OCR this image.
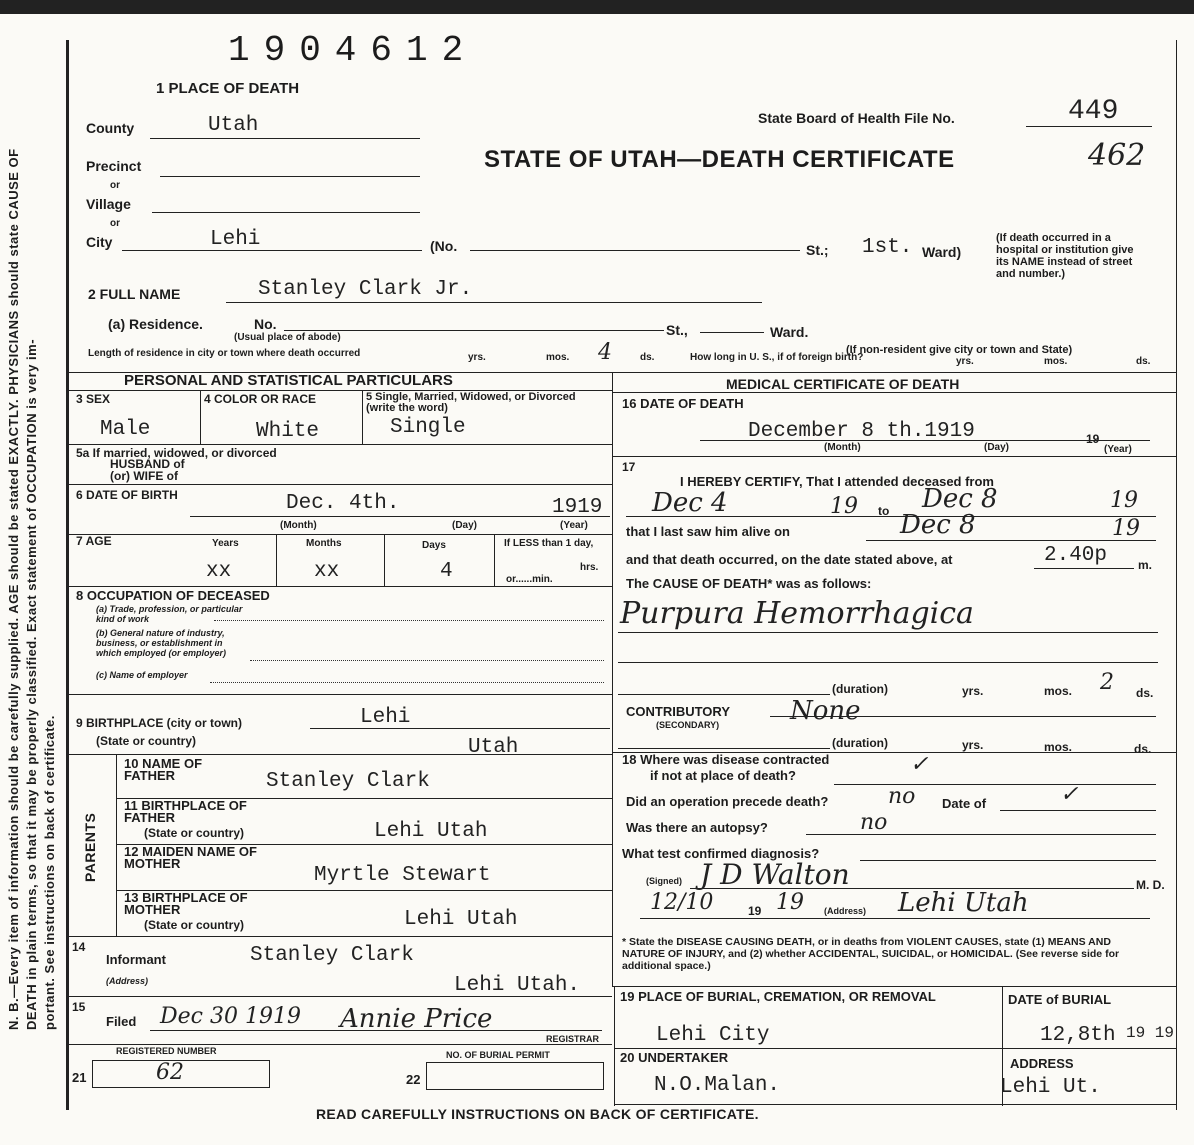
N. B.—Every item of information should be carefully supplied. AGE should be stated EXACTLY. PHYSICIANS should state CAUSE OF DEATH in plain terms, so that it may be properly classified. Exact statement of OCCUPATION is very im- portant. See instructions on back of certificate.
1904612
1 PLACE OF DEATH
County	Utah
Precinct
or
Village
or
City	Lehi	(No.	St.; 1st. Ward)
(If death occurred in a hospital or institution give its NAME instead of street and number.)
State Board of Health File No.	449
462
STATE OF UTAH—DEATH CERTIFICATE
2 FULL NAME	Stanley Clark Jr.
(a) Residence.	No.	St.,	Ward.
(Usual place of abode)
(If non-resident give city or town and State)
Length of residence in city or town where death occurred	yrs.	mos. 4	ds.	How long in U. S., if of foreign birth?	yrs.	mos.	ds.
PERSONAL AND STATISTICAL PARTICULARS
3 SEX	4 COLOR OR RACE	5 Single, Married, Widowed, or Divorced (write the word)
Male	White	Single
5a If married, widowed, or divorced
HUSBAND of
(or) WIFE of
6 DATE OF BIRTH	Dec. 4th.	1919
(Month)	(Day)	(Year)
7 AGE	Years	Months	Days	If LESS than 1 day,
hrs.
or......min.
xx	xx	4
8 OCCUPATION OF DECEASED
(a) Trade, profession, or particular kind of work
(b) General nature of industry, business, or establishment in which employed (or employer)
(c) Name of employer
9 BIRTHPLACE (city or town)	Lehi
(State or country)	Utah
PARENTS
10 NAME OF FATHER	Stanley Clark
11 BIRTHPLACE OF FATHER
(State or country)	Lehi Utah
12 MAIDEN NAME OF MOTHER
Myrtle Stewart
13 BIRTHPLACE OF MOTHER
(State or country)	Lehi Utah
14
Informant	Stanley Clark
(Address)	Lehi Utah.
15
Filed Dec 30 1919 Annie Price
REGISTRAR
REGISTERED NUMBER	NO. OF BURIAL PERMIT
21	62	22
MEDICAL CERTIFICATE OF DEATH
16 DATE OF DEATH
December 8 th.1919	19
(Month)	(Day)	(Year)
17
I HEREBY CERTIFY, That I attended deceased from
Dec 4	19 to Dec 8	19
that I last saw him alive on	Dec 8	19
and that death occurred, on the date stated above, at	2.40p	m.
The CAUSE OF DEATH* was as follows:
Purpura Hemorrhagica
(duration)	yrs.	mos. 2 ds.
CONTRIBUTORY
(SECONDARY)	None
(duration)	yrs.	mos.	ds.
18 Where was disease contracted
if not at place of death?	✓
Did an operation precede death?	no Date of	✓
Was there an autopsy?	no
What test confirmed diagnosis?
(Signed) J D Walton	M. D.
12/10	19 19 (Address) Lehi Utah
* State the DISEASE CAUSING DEATH, or in deaths from VIOLENT CAUSES, state (1) MEANS AND NATURE OF INJURY, and (2) whether ACCIDENTAL, SUICIDAL, or HOMICIDAL. (See reverse side for additional space.)
19 PLACE OF BURIAL, CREMATION, OR REMOVAL
Lehi City
DATE of BURIAL
12,8th 19 19
20 UNDERTAKER
N.O.Malan.
ADDRESS
Lehi Ut.
READ CAREFULLY INSTRUCTIONS ON BACK OF CERTIFICATE.
